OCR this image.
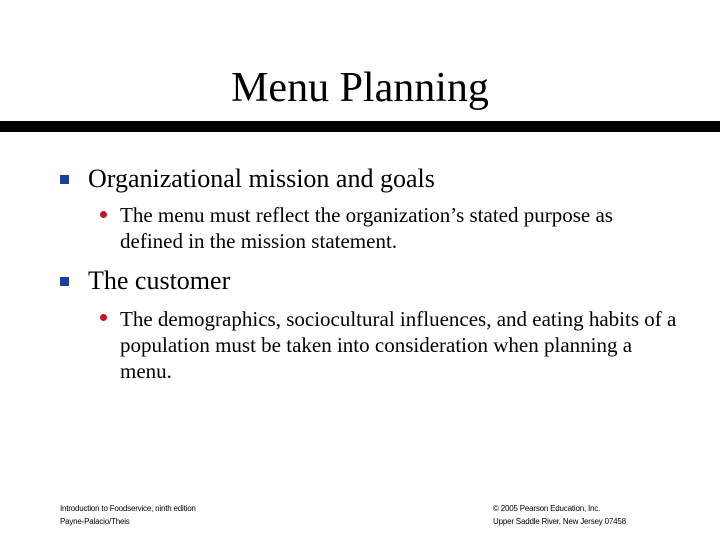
Menu Planning
Organizational mission and goals
The menu must reflect the organization’s stated purpose as defined in the mission statement.
The customer
The demographics, sociocultural influences, and eating habits of a population must be taken into consideration when planning a menu.
Introduction to Foodservice, ninth edition
Payne-Palacio/Theis
© 2005 Pearson Education, Inc.
Upper Saddle River, New Jersey 07458
